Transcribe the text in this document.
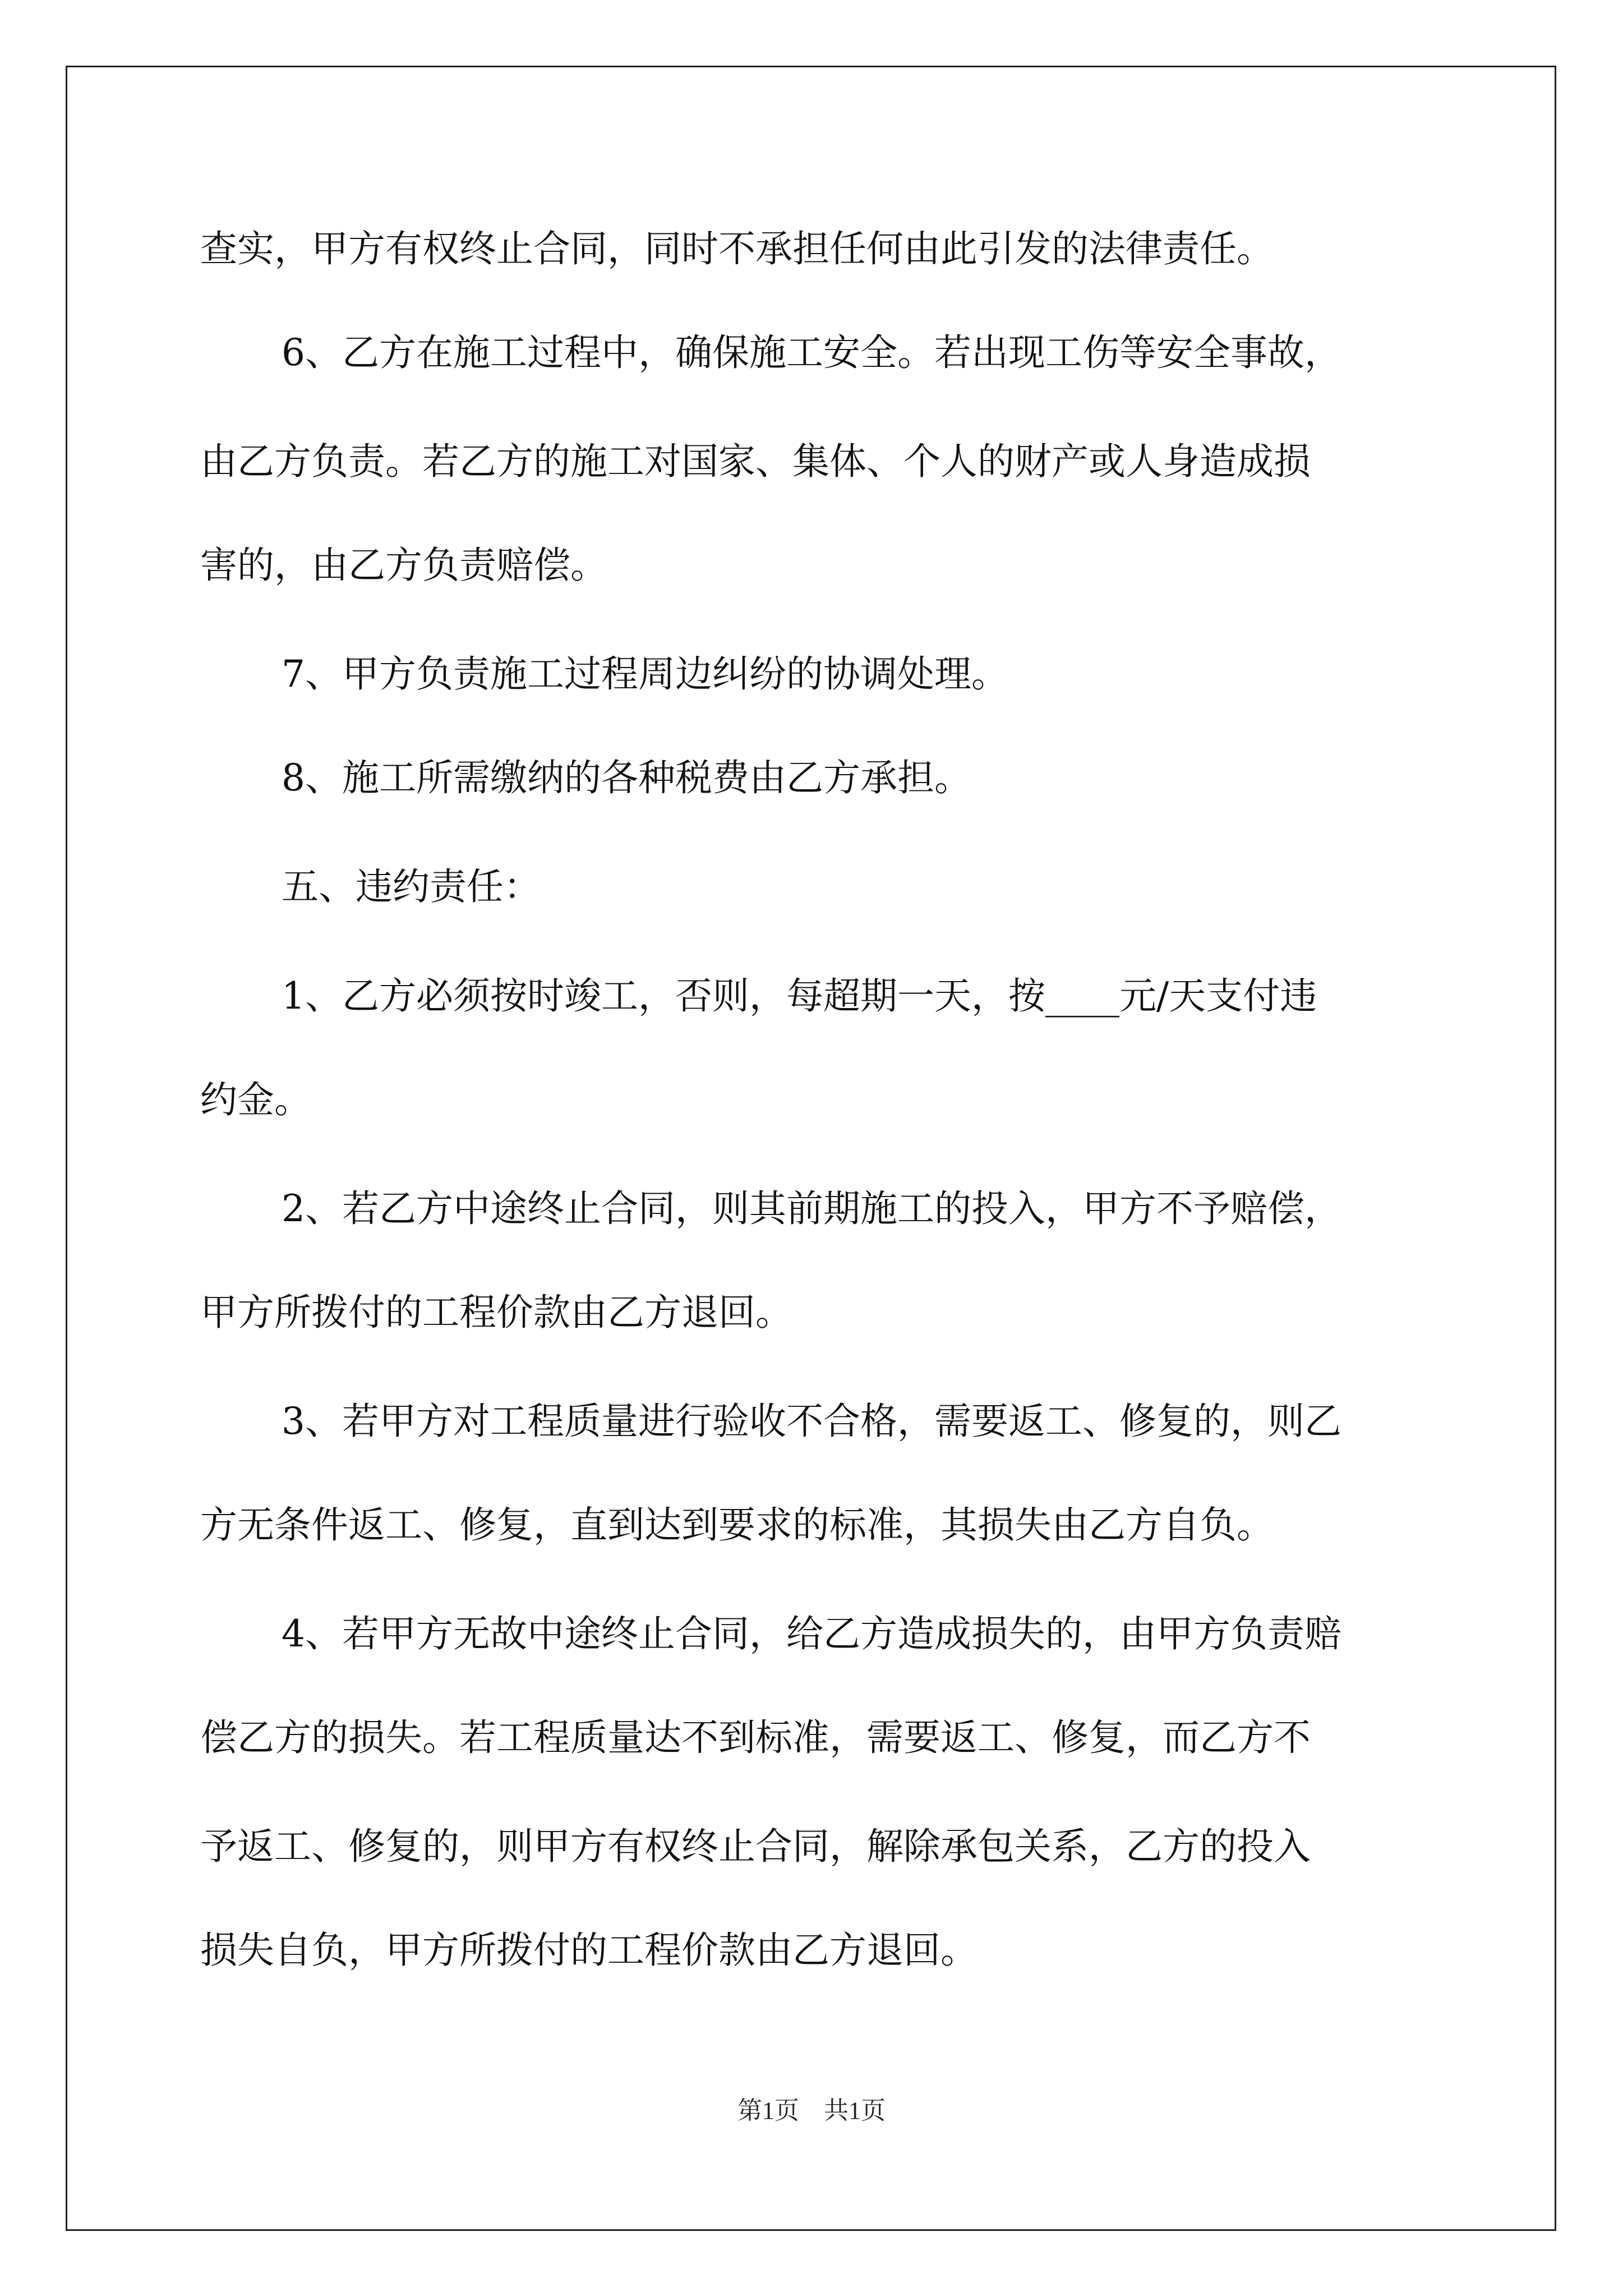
查实，甲方有权终止合同，同时不承担任何由此引发的法律责任。
6、乙方在施工过程中，确保施工安全。若出现工伤等安全事故，
由乙方负责。若乙方的施工对国家、集体、个人的财产或人身造成损
害的，由乙方负责赔偿。
7、甲方负责施工过程周边纠纷的协调处理。
8、施工所需缴纳的各种税费由乙方承担。
五、违约责任：
1、乙方必须按时竣工，否则，每超期一天，按____元/天支付违
约金。
2、若乙方中途终止合同，则其前期施工的投入，甲方不予赔偿，
甲方所拨付的工程价款由乙方退回。
3、若甲方对工程质量进行验收不合格，需要返工、修复的，则乙
方无条件返工、修复，直到达到要求的标准，其损失由乙方自负。
4、若甲方无故中途终止合同，给乙方造成损失的，由甲方负责赔
偿乙方的损失。若工程质量达不到标准，需要返工、修复，而乙方不
予返工、修复的，则甲方有权终止合同，解除承包关系，乙方的投入
损失自负，甲方所拨付的工程价款由乙方退回。
第1页　共1页
